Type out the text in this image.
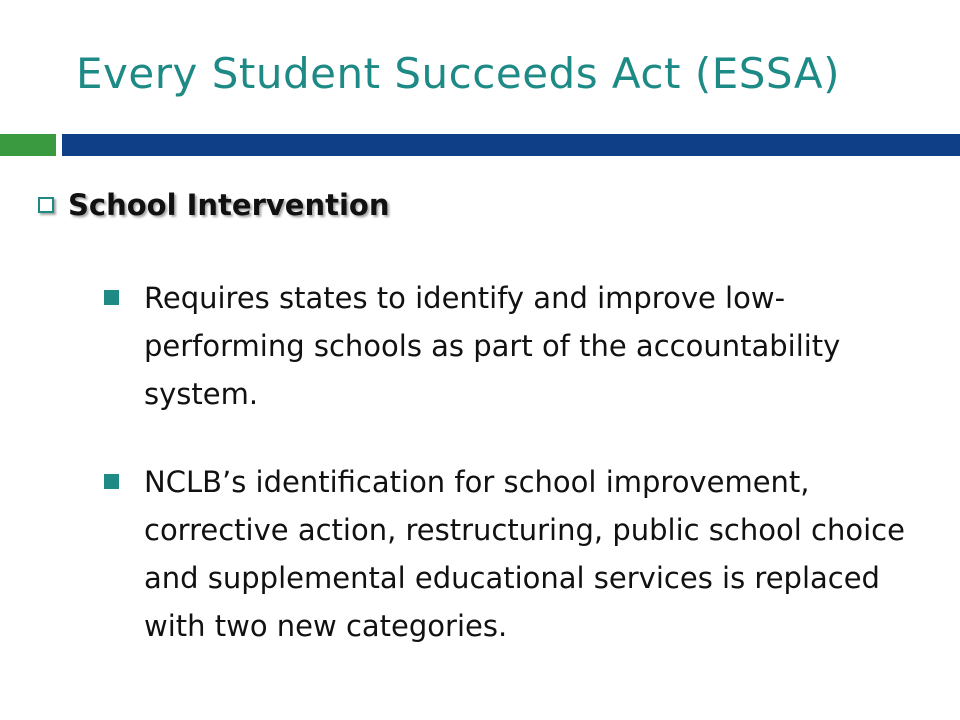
Every Student Succeeds Act (ESSA)
School Intervention
Requires states to identify and improve low-performing schools as part of the accountability system.
NCLB’s identification for school improvement, corrective action, restructuring, public school choice and supplemental educational services is replaced with two new categories.
